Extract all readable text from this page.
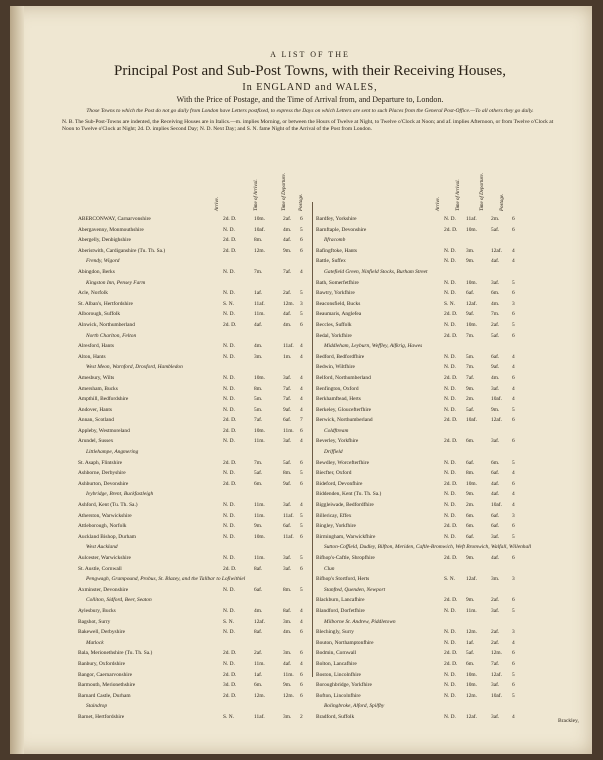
A LIST OF THE
Principal Post and Sub-Post Towns, with their Receiving Houses,
In ENGLAND and WALES,
With the Price of Postage, and the Time of Arrival from, and Departure to, London.
Those Towns to which the Post do not go daily from London have Letters postfixed, to express the Days on which Letters are sent to such Places from the General Post-Office.—To all others they go daily.
N. B. The Sub-Post-Towns are indented, the Receiving Houses are in Italics.—m. implies Morning, or between the Hours of Twelve at Night, to Twelve o'Clock at Noon; and af. implies Afternoon, or from Twelve o'Clock at Noon to Twelve o'Clock at Night; 2d. D. implies Second Day; N. D. Next Day; and S. N. fame Night of the Arrival of the Post from London.
Arrive.	Time of Arrival.	Time of Departure. Postage.	Arrive.	Time of Arrival.	Time of Departure.	Postage.
ABERCONWAY, Carnarvonshire	2d. D.	10m.	2af. 6
Abergavenny, Monmouthshire	N. D.	10af.	4m. 5
Abergelly, Denbighshire	2d. D.	8m.	4af. 6
Aberistwith, Cardiganshire (Tu. Th. Sa.)	2d. D.	12m.	9m. 6
Frendy, Wigord
Abingdon, Berks	N. D.	7m.	7af. 4
Kingston Inn, Pensey Farm
Acle, Norfolk	N. D.	1af.	2af. 5
St. Alban's, Hertfordshire	S. N.	11af.	12m. 3
Alborough, Suffolk	N. D.	11m.	4af. 5
Alnwick, Northumberland	2d. D.	4af.	4m. 6
North Charlton, Felton
Alresford, Hants	N. D.	4m.	11af. 4
Alton, Hants	N. D.	3m.	1m. 4
West Meon, Warnford, Droxford, Hambledon
Amesbury, Wilts	N. D.	10m.	3af. 4
Amersham, Bucks	N. D.	8m.	7af. 4
Ampthill, Bedfordshire	N. D.	5m.	7af. 4
Andover, Hants	N. D.	5m.	9af. 4
Annan, Scotland	2d. D.	7af.	6af. 7
Appleby, Westmoreland	2d. D.	10m.	11m. 6
Arundel, Sussex	N. D.	11m.	3af. 4
Littlehampe, Angmering
St. Asaph, Flintshire	2d. D.	7m.	5af. 6
Ashborne, Derbyshire	N. D.	5af.	8m. 5
Ashburton, Devonshire	2d. D.	6m.	9af. 6
Ivybridge, Brent, Buckfastleigh
Ashford, Kent (Tu. Th. Sa.)	N. D.	11m.	3af. 4
Atherston, Warwickshire	N. D.	11m.	11af. 5
Attleborough, Norfolk	N. D.	9m.	6af. 5
Auckland Bishop, Durham	N. D.	10m.	11af. 6
West Auckland
Aulcester, Warwickshire	N. D.	11m.	3af. 5
St. Austle, Cornwall	2d. D.	8af.	3af. 6
Pengwagh, Grampound, Probus, St. Blazey, and the Tallbar to Lofiwithiel
Axminster, Devonshire	N. D.	6af.	8m. 5
Colliton, Sidford, Beer, Seaton
Aylesbury, Bucks	N. D.	4m.	8af. 4
Bagshot, Surry	S. N.	12af.	3m. 4
Bakewell, Derbyshire	N. D.	8af.	4m. 6
Matlock
Bala, Merionethshire (Tu. Th. Sa.)	2d. D.	2af.	3m. 6
Banbury, Oxfordshire	N. D.	11m.	4af. 4
Bangor, Caernarvonshire	2d. D.	1af.	11m. 6
Barmouth, Merionethshire	3d. D.	6m.	9m. 6
Barnard Castle, Durham	2d. D.	12m.	12m. 6
Staindrop
Barnet, Hertfordshire	S. N.	11af.	3m. 2
Bardfey, Yorkshire	N. D. 11af.	2m. 6
Barnftaple, Devonshire	2d. D. 10m.	5af. 6
Ilfracomb
Bafingftoke, Hants	N. D. 3m.	12af. 4
Battle, Suffex	N. D. 9m.	4af. 4
Gatefield Green, Ninfield Stocks, Burham Street
Bath, Somerfetfhire	N. D. 10m.	3af. 5
Bawtry, Yorkfhire	N. D. 6af.	6m. 6
Beaconsfield, Bucks	S. N. 12af.	4m. 3
Beaumaris, Anglefea	2d. D. 9af.	7m. 6
Beccles, Suffolk	N. D. 10m.	2af. 5
Bedal, Yorkfhire	2d. D. 7m.	5af. 6
Middleham, Leyburn, Weffley, Aifkrig, Hawes
Bedford, Bedfordfhire	N. D. 5m.	6af. 4
Bedwin, Wiltfhire	N. D. 7m.	9af. 4
Belford, Northumberland	2d. D. 7af.	4m. 6
Benfington, Oxford	N. D. 9m.	3af. 4
Berkhamftead, Herts	N. D. 2m.	10af. 4
Berkeley, Gloucefterfhire	N. D. 5af.	9m. 5
Berwick, Northumberland	2d. D. 10af.	12af. 6
Coldftream
Beverley, Yorkfhire	2d. D. 6m.	3af. 6
Driffield
Bewdley, Worcefterfhire	N. D. 6af.	6m. 5
Biecfter, Oxford	N. D. 8m.	6af. 4
Bideford, Devonfhire	2d. D. 10m.	4af. 6
Biddenden, Kent (Tu. Th. Sa.)	N. D. 9m.	4af. 4
Biggleiwade, Bedfordfhire	N. D. 2m.	10af. 4
Billericay, Effex	N. D. 6m.	6af. 3
Bingley, Yorkfhire	2d. D. 6m.	6af. 6
Birmingham, Warwickfhire	N. D. 6af.	3af. 5
Sutton-Coffield, Dudley, Bilfton, Meriden, Caftle-Bromwich, Weft Bromwich, Walfall, Willenhall
Bifhop's-Caftle, Shropfhire	2d. D. 9m.	4af. 6
Clun
Bifhop's Stortford, Herts	S. N. 12af.	3m. 3
Stanfted, Quenden, Newport
Blackburn, Lancafhire	2d. D. 9m.	2af. 6
Blandford, Dorfetfhire	N. D. 11m.	3af. 5
Milborne St. Andrew, Piddletown
Blechingly, Surry	N. D. 12m.	2af. 3
Bouton, Northamptonfhire	N. D. 1af.	2af. 4
Bodmin, Cornwall	2d. D. 5af.	12m. 6
Bolton, Lancafhire	2d. D. 6m.	7af. 6
Boston, Lincolnfhire	N. D. 10m.	12af. 5
Boroughbridge, Yorkfhire	N. D. 10m.	3af. 6
Bofton, Lincolnfhire	N. D. 12m.	10af. 5
Bolingbroke, Alford, Spilfby
Bradford, Suffolk	N. D. 12af.	3af. 4
Brackley,
